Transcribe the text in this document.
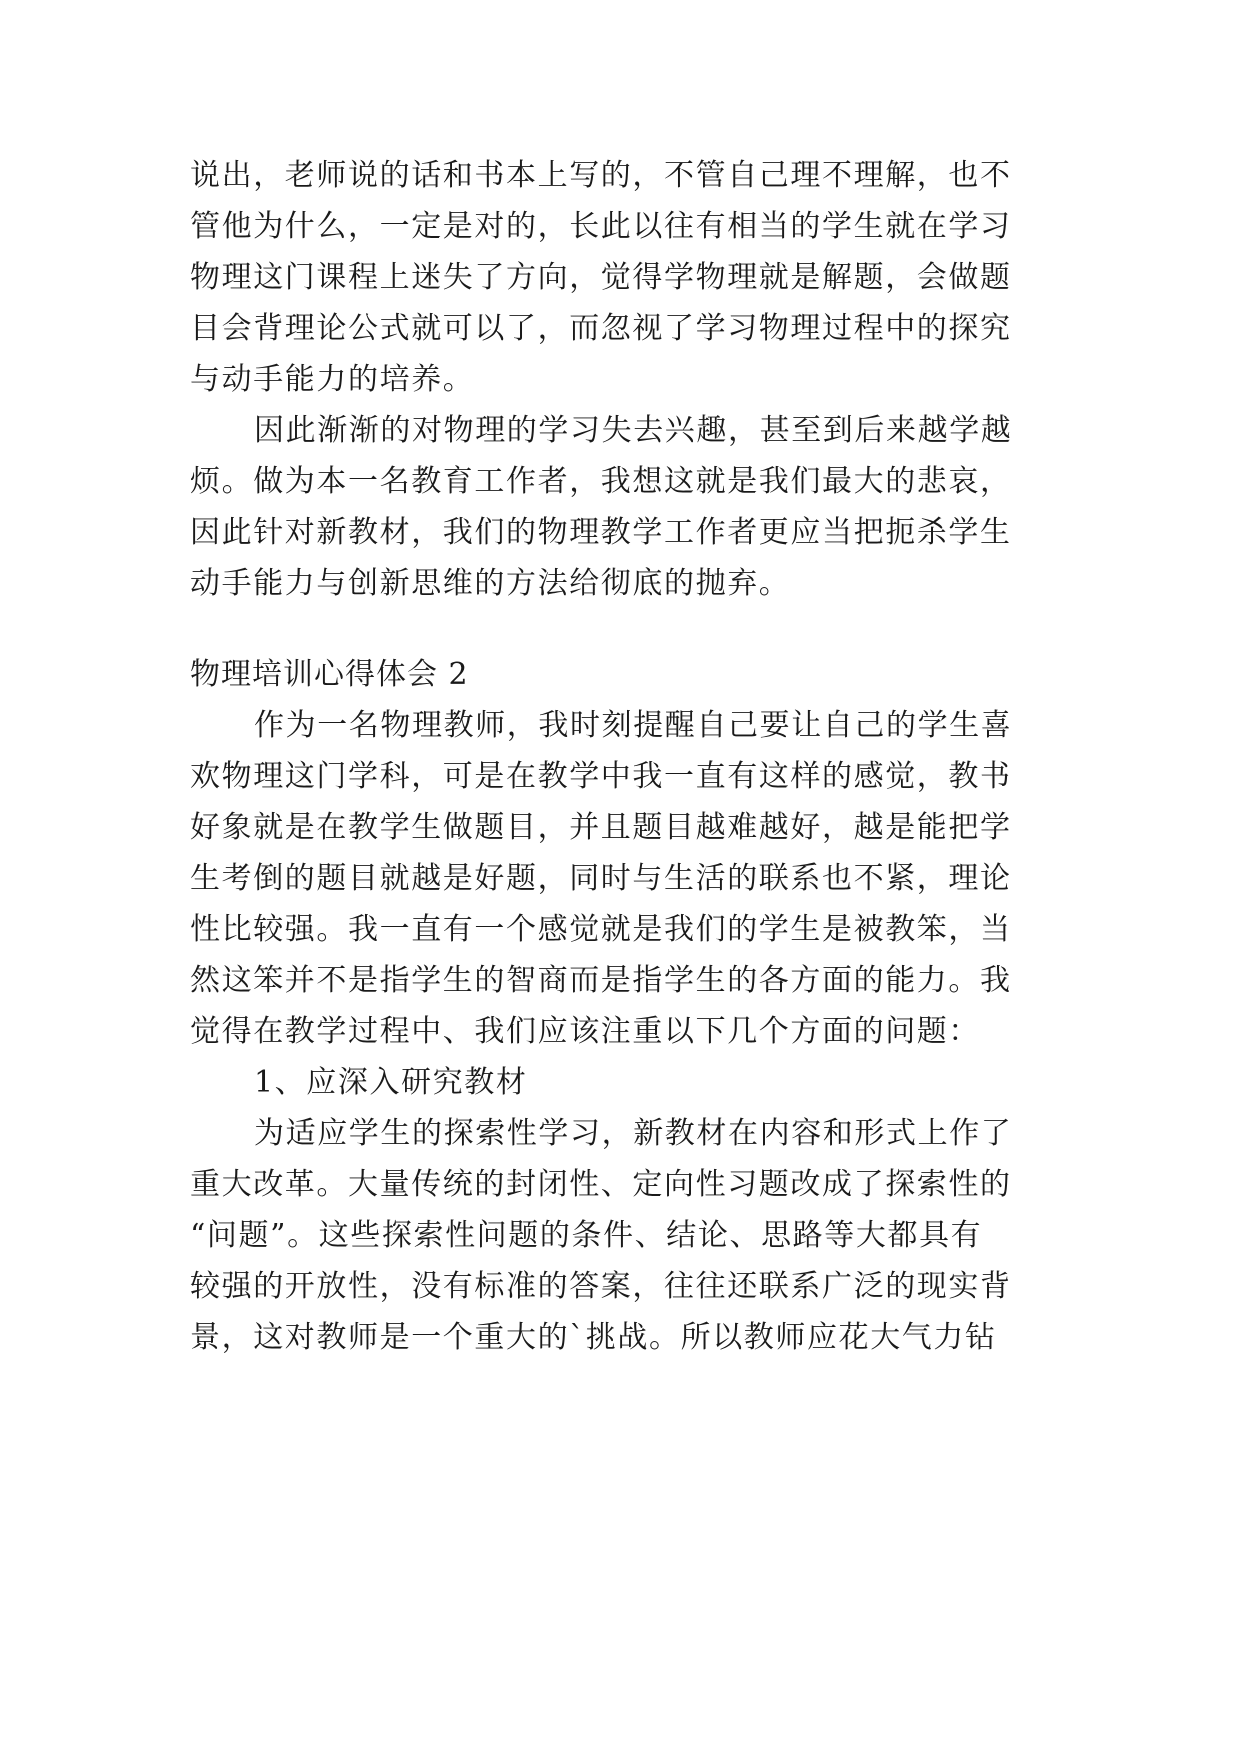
说出，老师说的话和书本上写的，不管自己理不理解，也不
管他为什么，一定是对的，长此以往有相当的学生就在学习
物理这门课程上迷失了方向，觉得学物理就是解题，会做题
目会背理论公式就可以了，而忽视了学习物理过程中的探究
与动手能力的培养。
因此渐渐的对物理的学习失去兴趣，甚至到后来越学越
烦。做为本一名教育工作者，我想这就是我们最大的悲哀，
因此针对新教材，我们的物理教学工作者更应当把扼杀学生
动手能力与创新思维的方法给彻底的抛弃。
物理培训心得体会 2
作为一名物理教师，我时刻提醒自己要让自己的学生喜
欢物理这门学科，可是在教学中我一直有这样的感觉，教书
好象就是在教学生做题目，并且题目越难越好，越是能把学
生考倒的题目就越是好题，同时与生活的联系也不紧，理论
性比较强。我一直有一个感觉就是我们的学生是被教笨，当
然这笨并不是指学生的智商而是指学生的各方面的能力。我
觉得在教学过程中、我们应该注重以下几个方面的问题：
1、应深入研究教材
为适应学生的探索性学习，新教材在内容和形式上作了
重大改革。大量传统的封闭性、定向性习题改成了探索性的
“问题”。这些探索性问题的条件、结论、思路等大都具有
较强的开放性，没有标准的答案，往往还联系广泛的现实背
景，这对教师是一个重大的`挑战。所以教师应花大气力钻
